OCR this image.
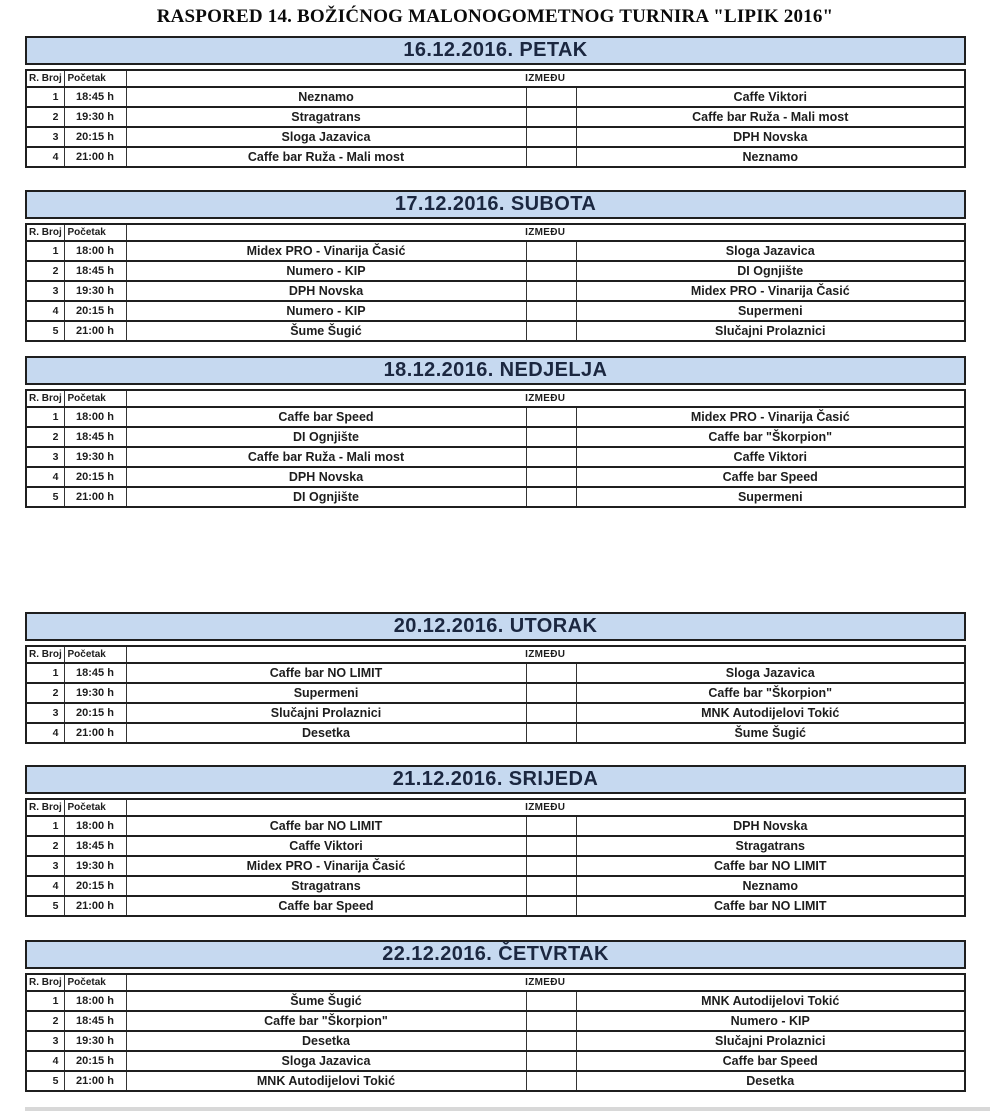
RASPORED 14. BOŽIĆNOG MALONOGOMETNOG TURNIRA "LIPIK 2016"
16.12.2016. PETAK
R. Broj	Početak	IZMEĐU		
1	18:45 h	Neznamo		Caffe Viktori
2	19:30 h	Stragatrans		Caffe bar Ruža - Mali most
3	20:15 h	Sloga Jazavica		DPH Novska
4	21:00 h	Caffe bar Ruža - Mali most		Neznamo
17.12.2016. SUBOTA
R. Broj	Početak	IZMEĐU		
1	18:00 h	Midex PRO - Vinarija Časić		Sloga Jazavica
2	18:45 h	Numero - KIP		DI Ognjište
3	19:30 h	DPH Novska		Midex PRO - Vinarija Časić
4	20:15 h	Numero - KIP		Supermeni
5	21:00 h	Šume Šugić		Slučajni Prolaznici
18.12.2016. NEDJELJA
R. Broj	Početak	IZMEĐU		
1	18:00 h	Caffe bar Speed		Midex PRO - Vinarija Časić
2	18:45 h	DI Ognjište		Caffe bar "Škorpion"
3	19:30 h	Caffe bar Ruža - Mali most		Caffe Viktori
4	20:15 h	DPH Novska		Caffe bar Speed
5	21:00 h	DI Ognjište		Supermeni
20.12.2016. UTORAK
R. Broj	Početak	IZMEĐU		
1	18:45 h	Caffe bar NO LIMIT		Sloga Jazavica
2	19:30 h	Supermeni		Caffe bar "Škorpion"
3	20:15 h	Slučajni Prolaznici		MNK Autodijelovi Tokić
4	21:00 h	Desetka		Šume Šugić
21.12.2016. SRIJEDA
R. Broj	Početak	IZMEĐU		
1	18:00 h	Caffe bar NO LIMIT		DPH Novska
2	18:45 h	Caffe Viktori		Stragatrans
3	19:30 h	Midex PRO - Vinarija Časić		Caffe bar NO LIMIT
4	20:15 h	Stragatrans		Neznamo
5	21:00 h	Caffe bar Speed		Caffe bar NO LIMIT
22.12.2016. ČETVRTAK
R. Broj	Početak	IZMEĐU		
1	18:00 h	Šume Šugić		MNK Autodijelovi Tokić
2	18:45 h	Caffe bar "Škorpion"		Numero - KIP
3	19:30 h	Desetka		Slučajni Prolaznici
4	20:15 h	Sloga Jazavica		Caffe bar Speed
5	21:00 h	MNK Autodijelovi Tokić		Desetka
